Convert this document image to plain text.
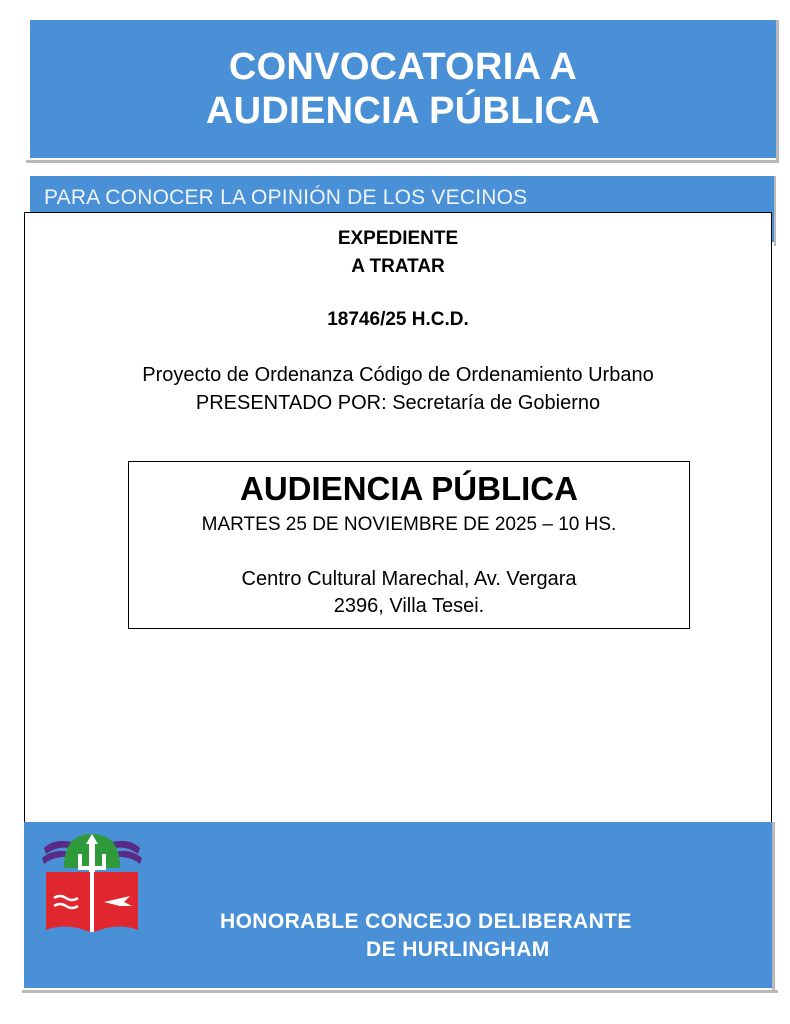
CONVOCATORIA A
AUDIENCIA PÚBLICA
PARA CONOCER LA OPINIÓN DE LOS VECINOS
EXPEDIENTE
A TRATAR
18746/25 H.C.D.
Proyecto de Ordenanza Código de Ordenamiento Urbano
PRESENTADO POR: Secretaría de Gobierno
AUDIENCIA PÚBLICA
MARTES 25 DE NOVIEMBRE DE 2025 – 10 HS.
Centro Cultural Marechal, Av. Vergara
2396, Villa Tesei.
HONORABLE CONCEJO DELIBERANTE
DE HURLINGHAM
